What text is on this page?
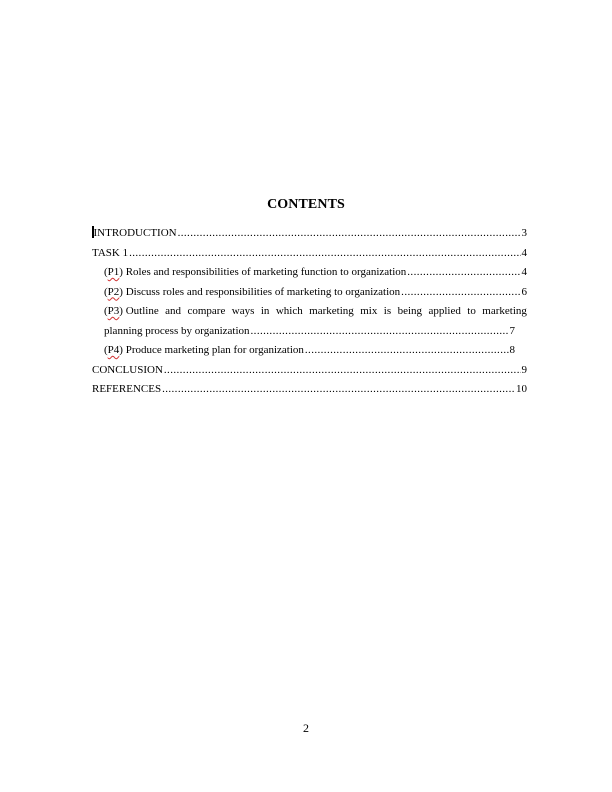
CONTENTS
INTRODUCTION .....	3
TASK 1 .....	4
(P1) Roles and responsibilities of marketing function to organization .....	4
(P2) Discuss roles and responsibilities of marketing to organization .....	6
(P3) Outline and compare ways in which marketing mix is being applied to marketing
planning process by organization .....	7
(P4) Produce marketing plan for organization .....	8
CONCLUSION .....	9
REFERENCES .....	10
2
